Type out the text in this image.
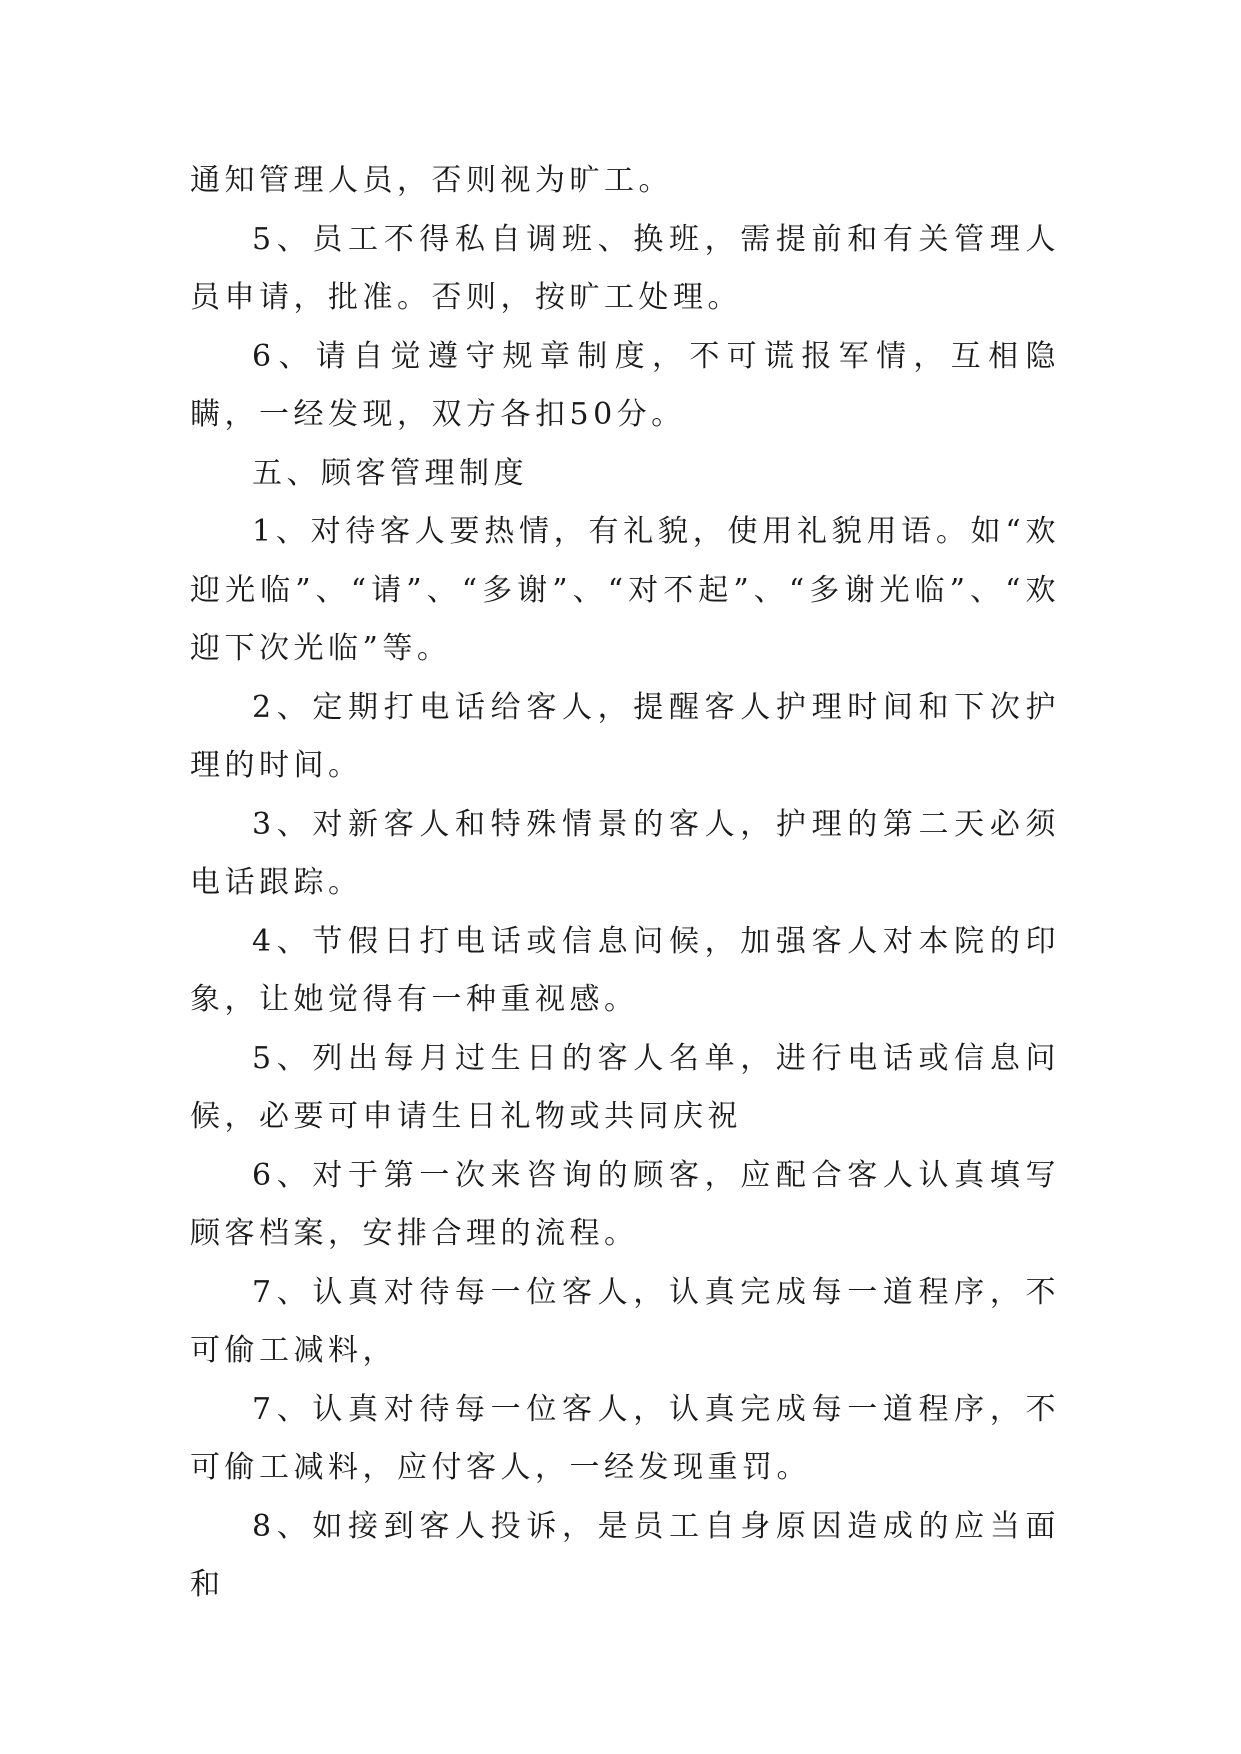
通知管理人员，否则视为旷工。

5、员工不得私自调班、换班，需提前和有关管理人员申请，批准。否则，按旷工处理。

6、请自觉遵守规章制度，不可谎报军情，互相隐瞒，一经发现，双方各扣50分。

五、顾客管理制度

1、对待客人要热情，有礼貌，使用礼貌用语。如“欢迎光临”、“请”、“多谢”、“对不起”、“多谢光临”、“欢迎下次光临”等。

2、定期打电话给客人，提醒客人护理时间和下次护理的时间。

3、对新客人和特殊情景的客人，护理的第二天必须电话跟踪。

4、节假日打电话或信息问候，加强客人对本院的印象，让她觉得有一种重视感。

5、列出每月过生日的客人名单，进行电话或信息问候，必要可申请生日礼物或共同庆祝

6、对于第一次来咨询的顾客，应配合客人认真填写顾客档案，安排合理的流程。

7、认真对待每一位客人，认真完成每一道程序，不可偷工减料，

7、认真对待每一位客人，认真完成每一道程序，不可偷工减料，应付客人，一经发现重罚。

8、如接到客人投诉，是员工自身原因造成的应当面和
